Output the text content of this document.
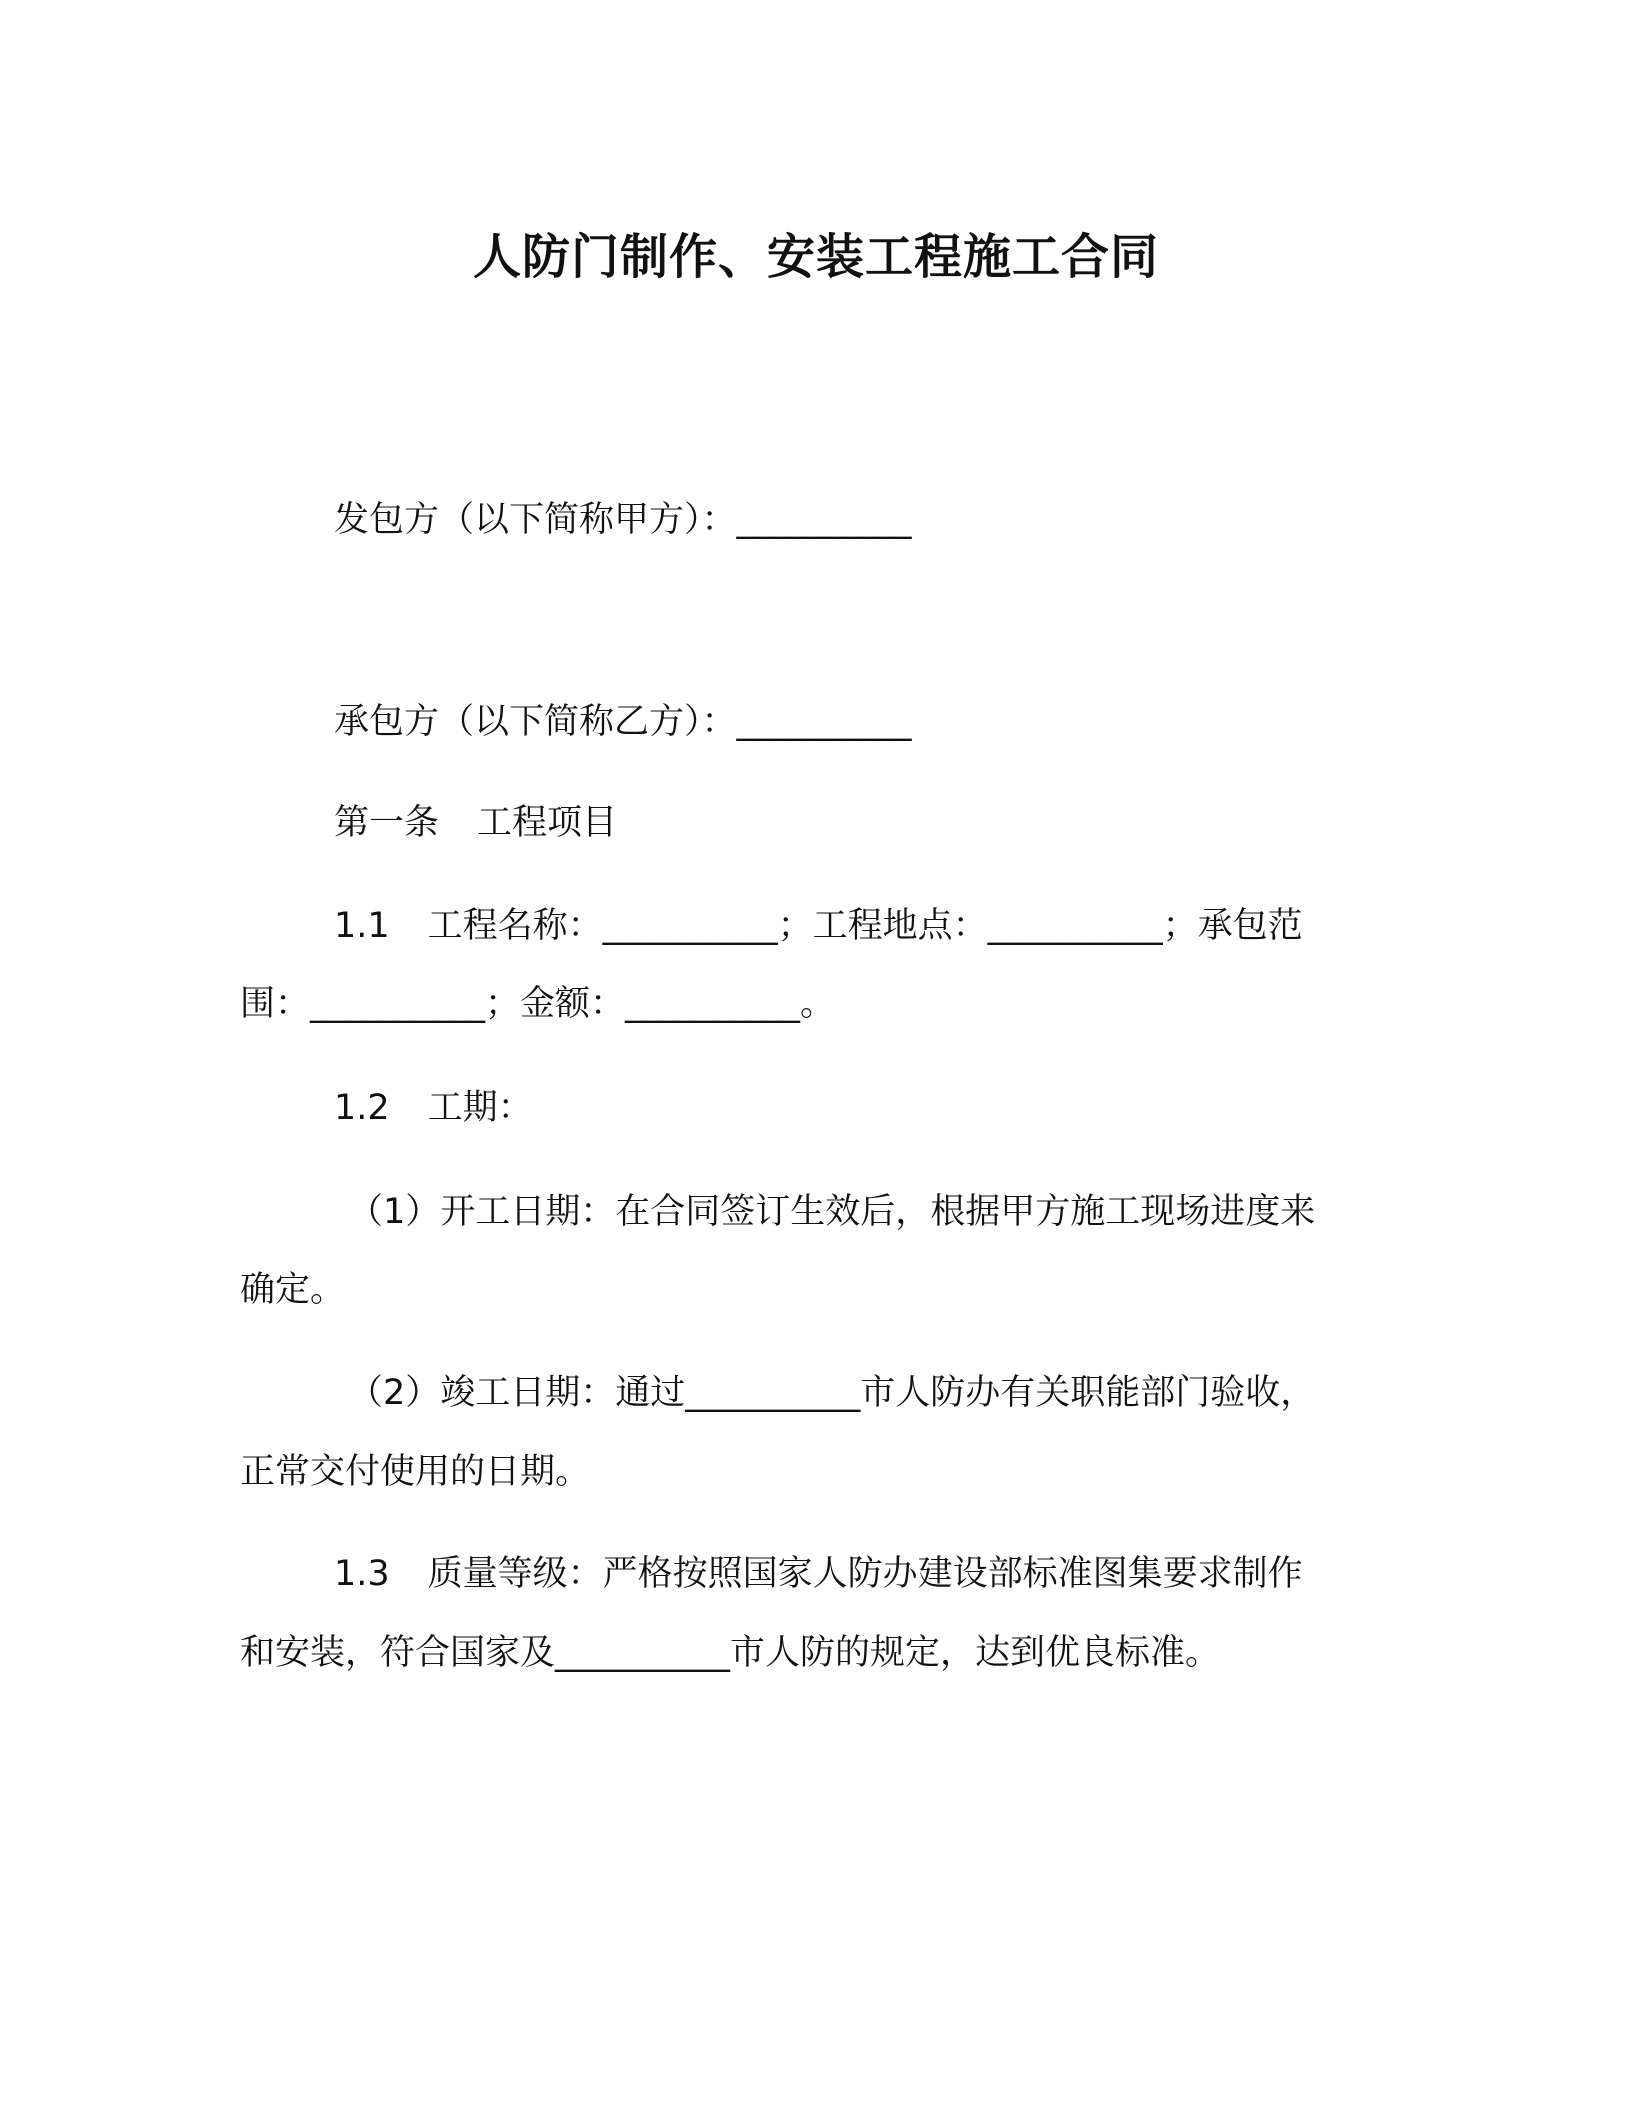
人防门制作、安装工程施工合同

发包方（以下简称甲方）：__________

承包方（以下简称乙方）：__________

第一条 工程项目

1.1 工程名称：__________；工程地点：__________；承包范

围：__________；金额：__________。

1.2 工期：

（1）开工日期：在合同签订生效后，根据甲方施工现场进度来

确定。

（2）竣工日期：通过__________市人防办有关职能部门验收，

正常交付使用的日期。

1.3 质量等级：严格按照国家人防办建设部标准图集要求制作

和安装，符合国家及__________市人防的规定，达到优良标准。
